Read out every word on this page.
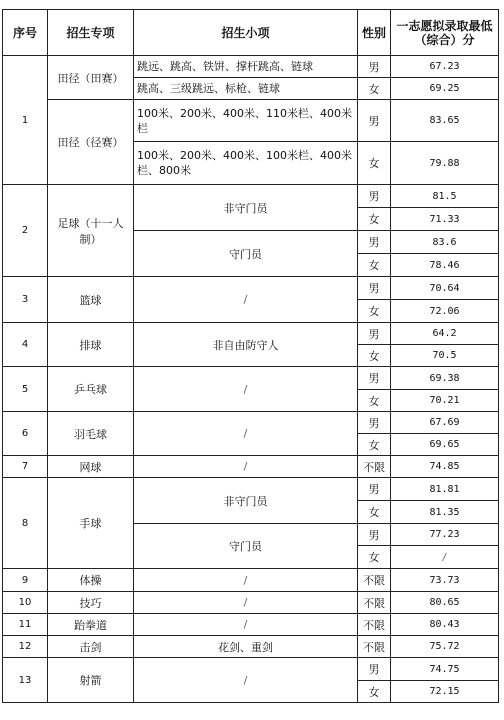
序号	招生专项	招生小项	性别	一志愿拟录取最低（综合）分
1	田径（田赛）	跳远、跳高、铁饼、撑杆跳高、链球	男	67.23
		跳高、三级跳远、标枪、链球	女	69.25
	田径（径赛）	100米、200米、400米、110米栏、400米栏	男	83.65
		100米、200米、400米、100米栏、400米栏、800米	女	79.88
2	足球（十一人制）	非守门员	男	81.5
			女	71.33
		守门员	男	83.6
			女	78.46
3	篮球	/	男	70.64
			女	72.06
4	排球	非自由防守人	男	64.2
			女	70.5
5	乒乓球	/	男	69.38
			女	70.21
6	羽毛球	/	男	67.69
			女	69.65
7	网球	/	不限	74.85
8	手球	非守门员	男	81.81
			女	81.35
		守门员	男	77.23
			女	/
9	体操	/	不限	73.73
10	技巧	/	不限	80.65
11	跆拳道	/	不限	80.43
12	击剑	花剑、重剑	不限	75.72
13	射箭	/	男	74.75
			女	72.15
